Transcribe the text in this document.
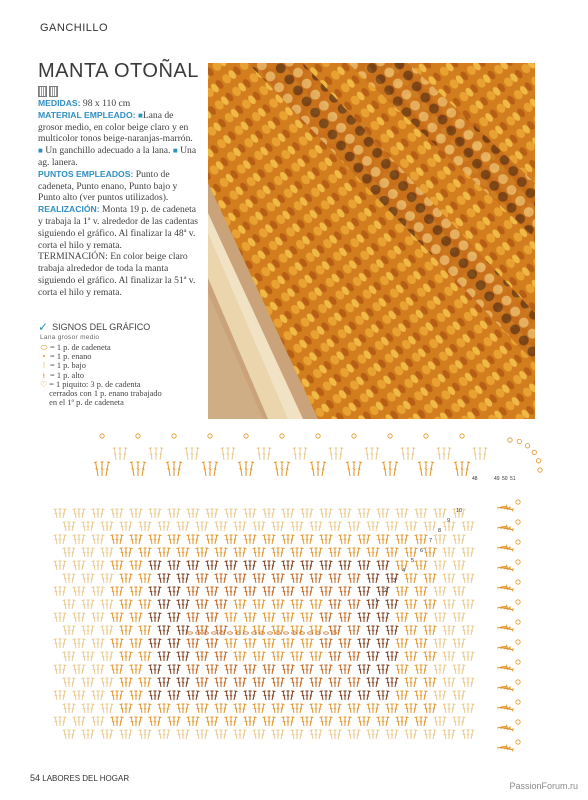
GANCHILLO
MANTA OTOÑAL

MEDIDAS: 98 x 110 cm

MATERIAL EMPLEADO: ■Lana de grosor medio, en color beige claro y en multicolor tonos beige-naranjas-marrón. ■ Un ganchillo adecuado a la lana. ■ Una ag. lanera.

PUNTOS EMPLEADOS: Punto de cadeneta, Punto enano, Punto bajo y Punto alto (ver puntos utilizados).

REALIZACIÓN: Monta 19 p. de cadeneta y trabaja la 1ª v. alrededor de las cadentas siguiendo el gráfico. Al finalizar la 48ª v. corta el hilo y remata.

TERMINACIÓN: En color beige claro trabaja alrededor de toda la manta siguiendo el gráfico. Al finalizar la 51ª v. corta el hilo y remata.

✓ SIGNOS DEL GRÁFICO
Lana grosor medio
⬭ = 1 p. de cadeneta
• = 1 p. enano
ǀ = 1 p. bajo
ŧ = 1 p. alto
♡ = 1 piquito: 3 p. de cadenta cerrados con 1 p. enano trabajado en el 1º p. de cadeneta
10
9
8
7
6
5
4
3
2
1
48	49 50 51
54 LABORES DEL HOGAR
PassionForum.ru
